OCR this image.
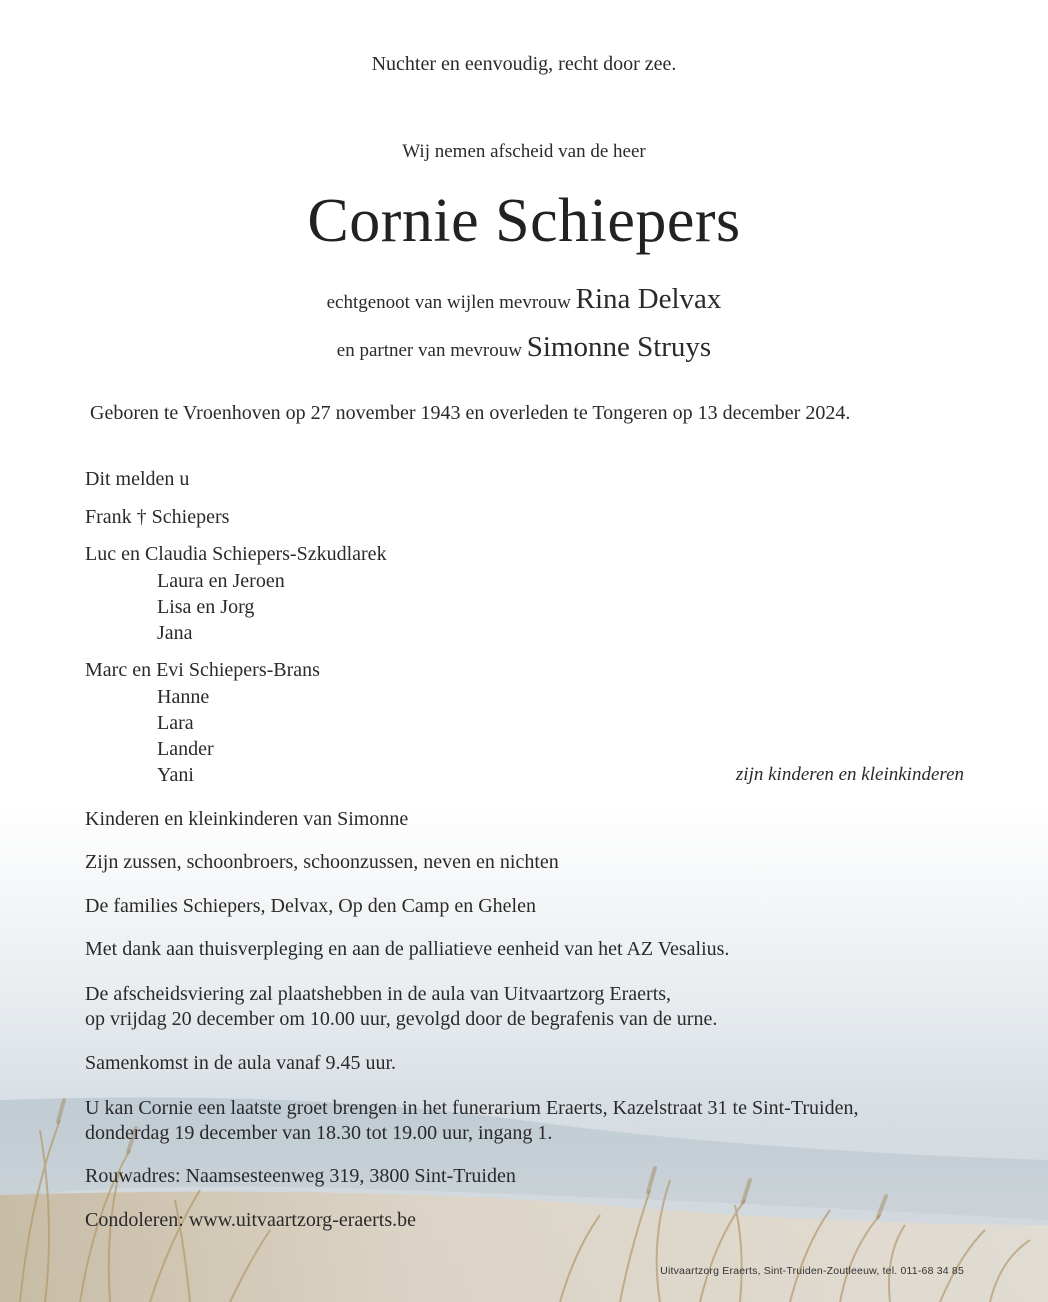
Nuchter en eenvoudig, recht door zee.
Wij nemen afscheid van de heer
Cornie Schiepers
echtgenoot van wijlen mevrouw Rina Delvax
en partner van mevrouw Simonne Struys
Geboren te Vroenhoven op 27 november 1943 en overleden te Tongeren op 13 december 2024.
Dit melden u
Frank † Schiepers
Luc en Claudia Schiepers-Szkudlarek
Laura en Jeroen
Lisa en Jorg
Jana
Marc en Evi Schiepers-Brans
Hanne
Lara
Lander
Yani	zijn kinderen en kleinkinderen
Kinderen en kleinkinderen van Simonne
Zijn zussen, schoonbroers, schoonzussen, neven en nichten
De families Schiepers, Delvax, Op den Camp en Ghelen
Met dank aan thuisverpleging en aan de palliatieve eenheid van het AZ Vesalius.
De afscheidsviering zal plaatshebben in de aula van Uitvaartzorg Eraerts,
op vrijdag 20 december om 10.00 uur, gevolgd door de begrafenis van de urne.
Samenkomst in de aula vanaf 9.45 uur.
U kan Cornie een laatste groet brengen in het funerarium Eraerts, Kazelstraat 31 te Sint-Truiden,
donderdag 19 december van 18.30 tot 19.00 uur, ingang 1.
Rouwadres: Naamsesteenweg 319, 3800 Sint-Truiden
Condoleren: www.uitvaartzorg-eraerts.be
Uitvaartzorg Eraerts, Sint-Truiden-Zoutleeuw, tel. 011-68 34 85
